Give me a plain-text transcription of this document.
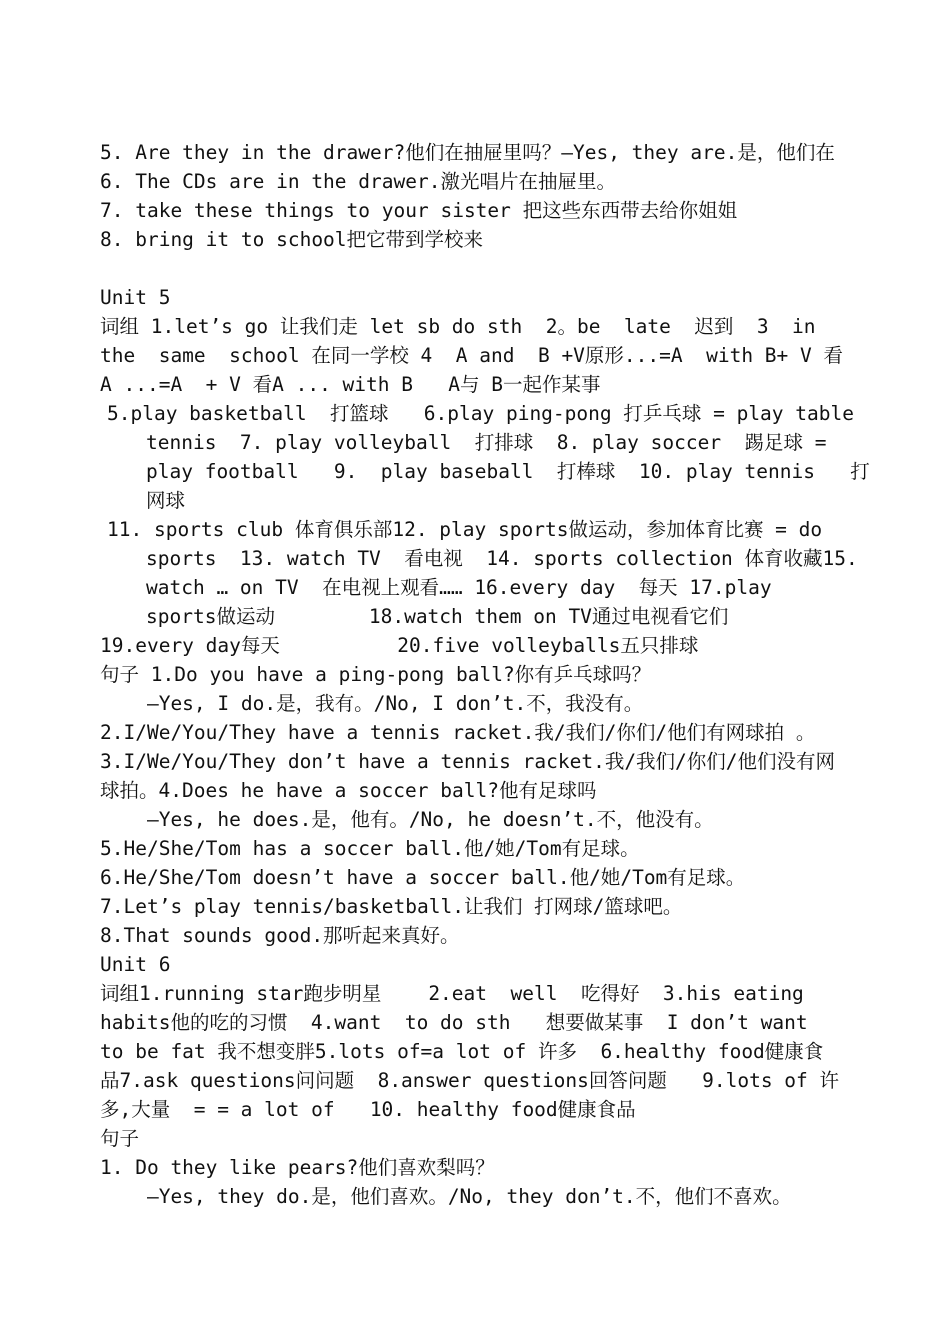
5. Are they in the drawer?他们在抽屉里吗？—Yes, they are.是，他们在
6. The CDs are in the drawer.激光唱片在抽屉里。
7. take these things to your sister 把这些东西带去给你姐姐
8. bring it to school把它带到学校来
Unit 5
词组 1.let’s go 让我们走 let sb do sth  2。be  late  迟到  3  in
the  same  school 在同一学校 4  A and  B +V原形...=A  with B+ V 看
A ...=A  + V 看A ... with B   A与 B一起作某事
5.play basketball  打篮球   6.play ping-pong 打乒乓球 = play table
tennis  7. play volleyball  打排球  8. play soccer  踢足球 =
play football   9.  play baseball  打棒球  10. play tennis   打
网球
11. sports club 体育俱乐部12. play sports做运动，参加体育比赛 = do
sports  13. watch TV  看电视  14. sports collection 体育收藏15.
watch … on TV  在电视上观看…… 16.every day  每天 17.play
sports做运动        18.watch them on TV通过电视看它们
19.every day每天          20.five volleyballs五只排球
句子 1.Do you have a ping-pong ball?你有乒乓球吗？
—Yes, I do.是，我有。/No, I don’t.不，我没有。
2.I/We/You/They have a tennis racket.我/我们/你们/他们有网球拍 。
3.I/We/You/They don’t have a tennis racket.我/我们/你们/他们没有网
球拍。4.Does he have a soccer ball?他有足球吗
—Yes, he does.是，他有。/No, he doesn’t.不，他没有。
5.He/She/Tom has a soccer ball.他/她/Tom有足球。
6.He/She/Tom doesn’t have a soccer ball.他/她/Tom有足球。
7.Let’s play tennis/basketball.让我们 打网球/篮球吧。
8.That sounds good.那听起来真好。
Unit 6
词组1.running star跑步明星    2.eat  well  吃得好  3.his eating
habits他的吃的习惯  4.want  to do sth   想要做某事  I don’t want
to be fat 我不想变胖5.lots of=a lot of 许多  6.healthy food健康食
品7.ask questions问问题  8.answer questions回答问题   9.lots of 许
多,大量  = = a lot of   10. healthy food健康食品
句子
1. Do they like pears?他们喜欢梨吗？
—Yes, they do.是，他们喜欢。/No, they don’t.不，他们不喜欢。
